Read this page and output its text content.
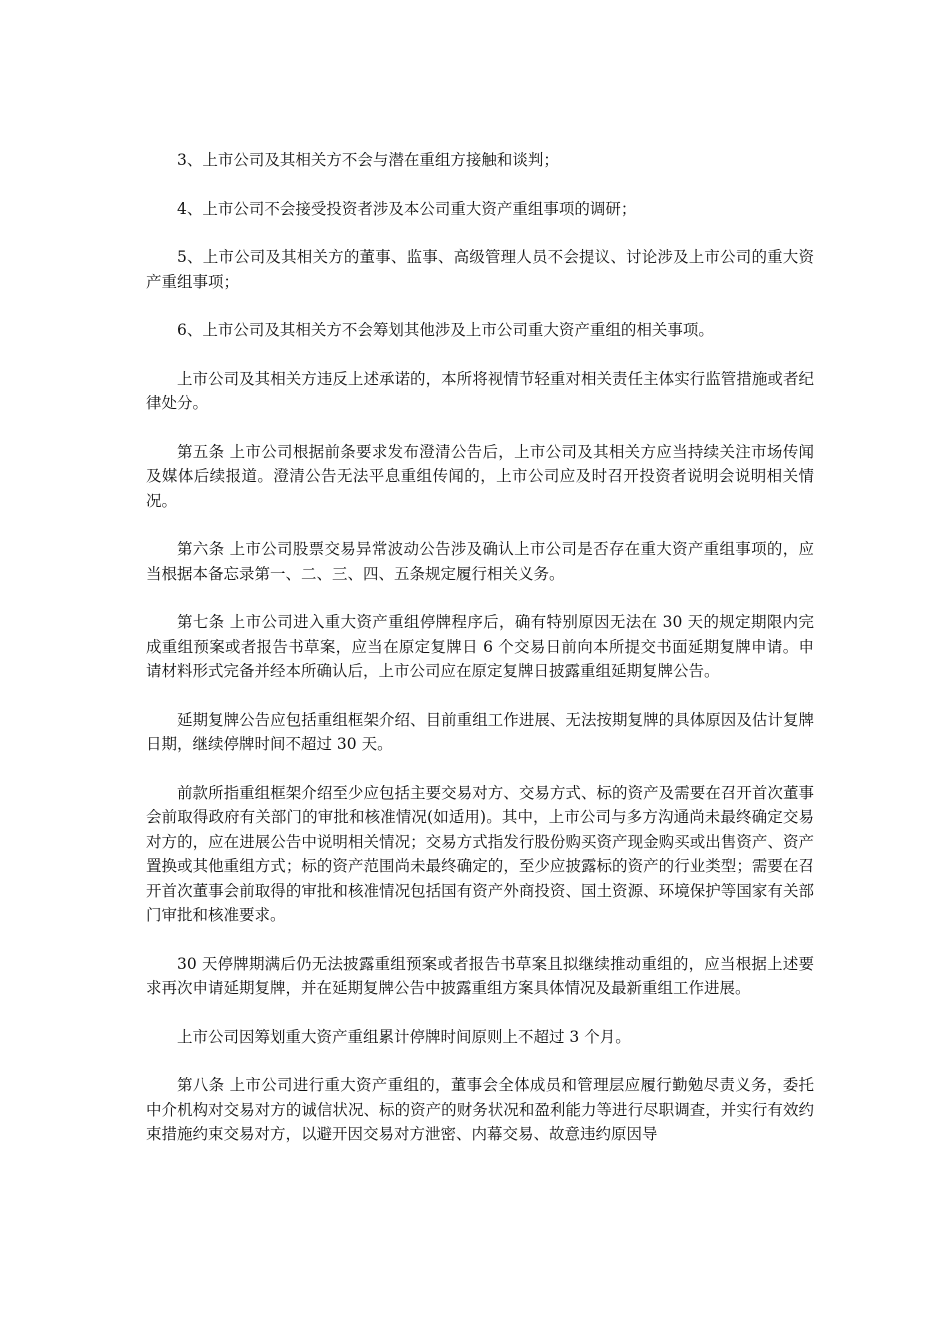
3、上市公司及其相关方不会与潜在重组方接触和谈判；

4、上市公司不会接受投资者涉及本公司重大资产重组事项的调研；

5、上市公司及其相关方的董事、监事、高级管理人员不会提议、讨论涉及上市公司的重大资产重组事项；

6、上市公司及其相关方不会筹划其他涉及上市公司重大资产重组的相关事项。

上市公司及其相关方违反上述承诺的，本所将视情节轻重对相关责任主体实行监管措施或者纪律处分。

第五条 上市公司根据前条要求发布澄清公告后，上市公司及其相关方应当持续关注市场传闻及媒体后续报道。澄清公告无法平息重组传闻的，上市公司应及时召开投资者说明会说明相关情况。

第六条 上市公司股票交易异常波动公告涉及确认上市公司是否存在重大资产重组事项的，应当根据本备忘录第一、二、三、四、五条规定履行相关义务。

第七条 上市公司进入重大资产重组停牌程序后，确有特别原因无法在 30 天的规定期限内完成重组预案或者报告书草案，应当在原定复牌日 6 个交易日前向本所提交书面延期复牌申请。申请材料形式完备并经本所确认后，上市公司应在原定复牌日披露重组延期复牌公告。

延期复牌公告应包括重组框架介绍、目前重组工作进展、无法按期复牌的具体原因及估计复牌日期，继续停牌时间不超过 30 天。

前款所指重组框架介绍至少应包括主要交易对方、交易方式、标的资产及需要在召开首次董事会前取得政府有关部门的审批和核准情况(如适用)。其中，上市公司与多方沟通尚未最终确定交易对方的，应在进展公告中说明相关情况；交易方式指发行股份购买资产现金购买或出售资产、资产置换或其他重组方式；标的资产范围尚未最终确定的，至少应披露标的资产的行业类型；需要在召开首次董事会前取得的审批和核准情况包括国有资产外商投资、国土资源、环境保护等国家有关部门审批和核准要求。

30 天停牌期满后仍无法披露重组预案或者报告书草案且拟继续推动重组的，应当根据上述要求再次申请延期复牌，并在延期复牌公告中披露重组方案具体情况及最新重组工作进展。

上市公司因筹划重大资产重组累计停牌时间原则上不超过 3 个月。

第八条 上市公司进行重大资产重组的，董事会全体成员和管理层应履行勤勉尽责义务，委托中介机构对交易对方的诚信状况、标的资产的财务状况和盈利能力等进行尽职调查，并实行有效约束措施约束交易对方，以避开因交易对方泄密、内幕交易、故意违约原因导
